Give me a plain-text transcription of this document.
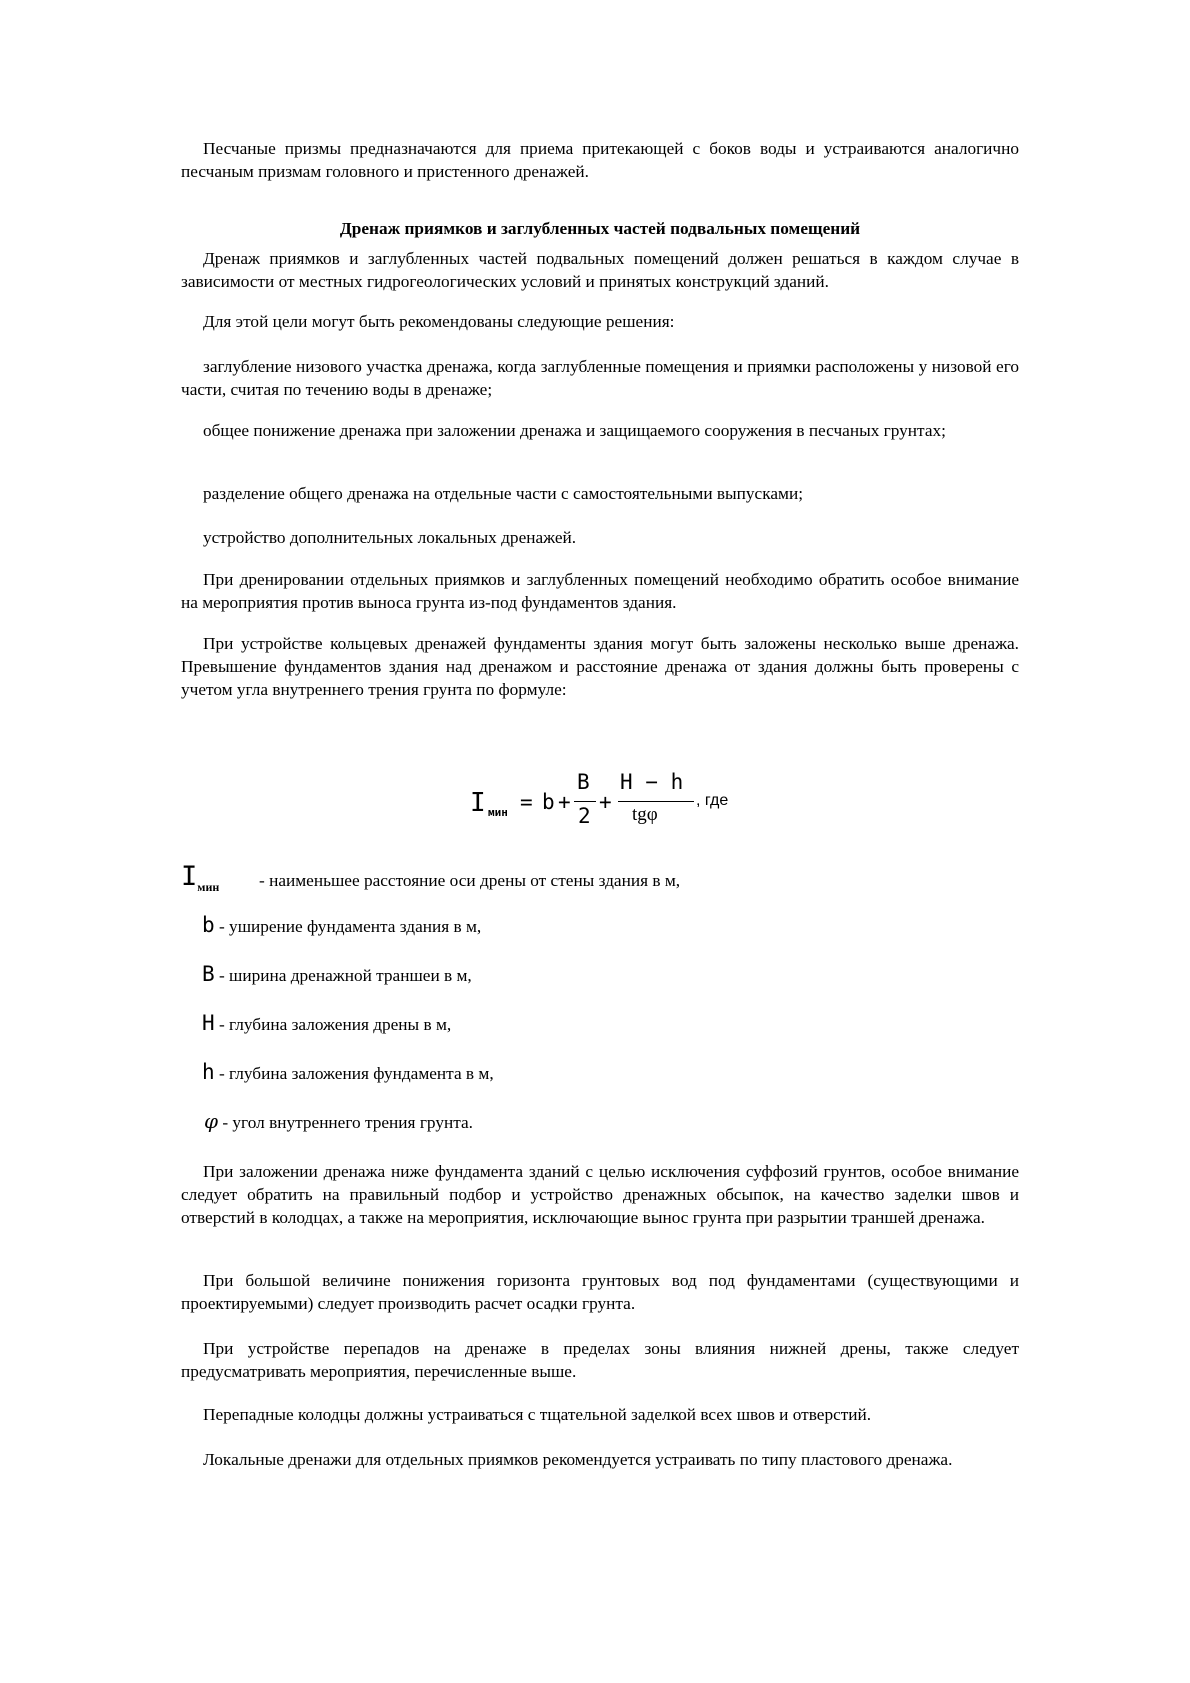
Песчаные призмы предназначаются для приема притекающей с боков воды и устраиваются аналогично песчаным призмам головного и пристенного дренажей.
Дренаж приямков и заглубленных частей подвальных помещений
Дренаж приямков и заглубленных частей подвальных помещений должен решаться в каждом случае в зависимости от местных гидрогеологических условий и принятых конструкций зданий.
Для этой цели могут быть рекомендованы следующие решения:
заглубление низового участка дренажа, когда заглубленные помещения и приямки расположены у низовой его части, считая по течению воды в дренаже;
общее понижение дренажа при заложении дренажа и защищаемого сооружения в песчаных грунтах;
разделение общего дренажа на отдельные части с самостоятельными выпусками;
устройство дополнительных локальных дренажей.
При дренировании отдельных приямков и заглубленных помещений необходимо обратить особое внимание на мероприятия против выноса грунта из-под фундаментов здания.
При устройстве кольцевых дренажей фундаменты здания могут быть заложены несколько выше дренажа. Превышение фундаментов здания над дренажом и расстояние дренажа от здания должны быть проверены с учетом угла внутреннего трения грунта по формуле:
I мин = b +
B
2
+
H − h
tgφ
, где
$I_{мин}$ - наименьшее расстояние оси дрены от стены здания в м,
b - уширение фундамента здания в м,
B - ширина дренажной траншеи в м,
H - глубина заложения дрены в м,
h - глубина заложения фундамента в м,
φ - угол внутреннего трения грунта.
При заложении дренажа ниже фундамента зданий с целью исключения суффозий грунтов, особое внимание следует обратить на правильный подбор и устройство дренажных обсыпок, на качество заделки швов и отверстий в колодцах, а также на мероприятия, исключающие вынос грунта при разрытии траншей дренажа.
При большой величине понижения горизонта грунтовых вод под фундаментами (существующими и проектируемыми) следует производить расчет осадки грунта.
При устройстве перепадов на дренаже в пределах зоны влияния нижней дрены, также следует предусматривать мероприятия, перечисленные выше.
Перепадные колодцы должны устраиваться с тщательной заделкой всех швов и отверстий.
Локальные дренажи для отдельных приямков рекомендуется устраивать по типу пластового дренажа.
